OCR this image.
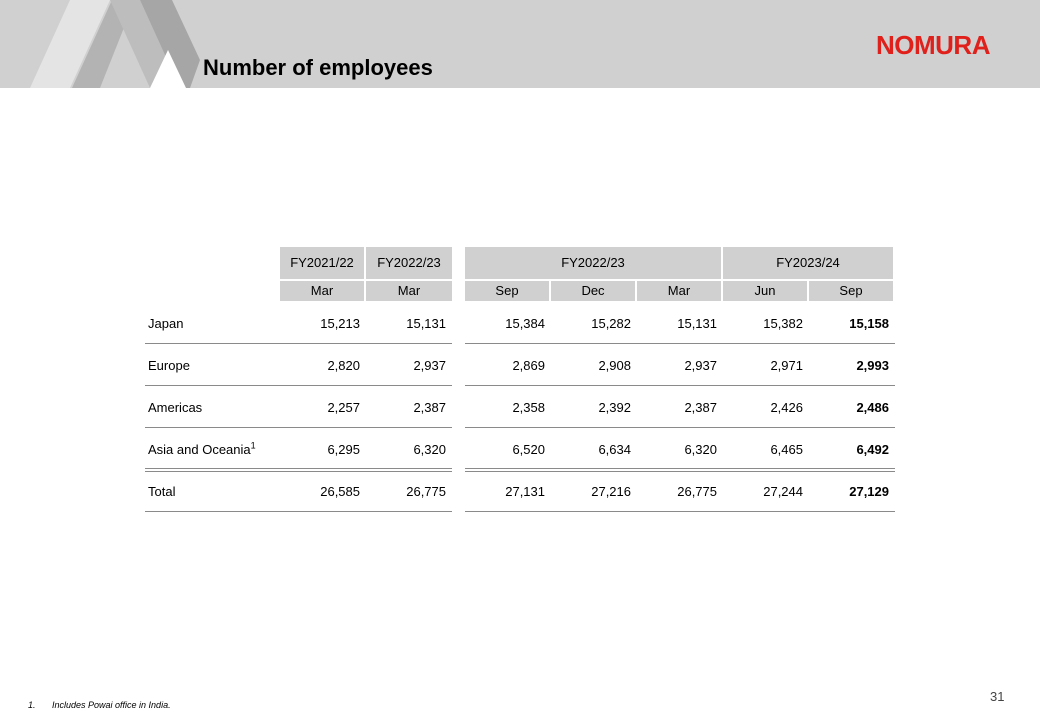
Number of employees
NOMURA
FY2021/22	FY2022/23	FY2022/23	FY2023/24
Mar	Mar	Sep	Dec	Mar	Jun	Sep
Japan	15,213	15,131	15,384	15,282	15,131	15,382	15,158
Europe	2,820	2,937	2,869	2,908	2,937	2,971	2,993
Americas	2,257	2,387	2,358	2,392	2,387	2,426	2,486
Asia and Oceania$^1$	6,295	6,320	6,520	6,634	6,320	6,465	6,492
Total	26,585	26,775	27,131	27,216	26,775	27,244	27,129
1. Includes Powai office in India.
31
